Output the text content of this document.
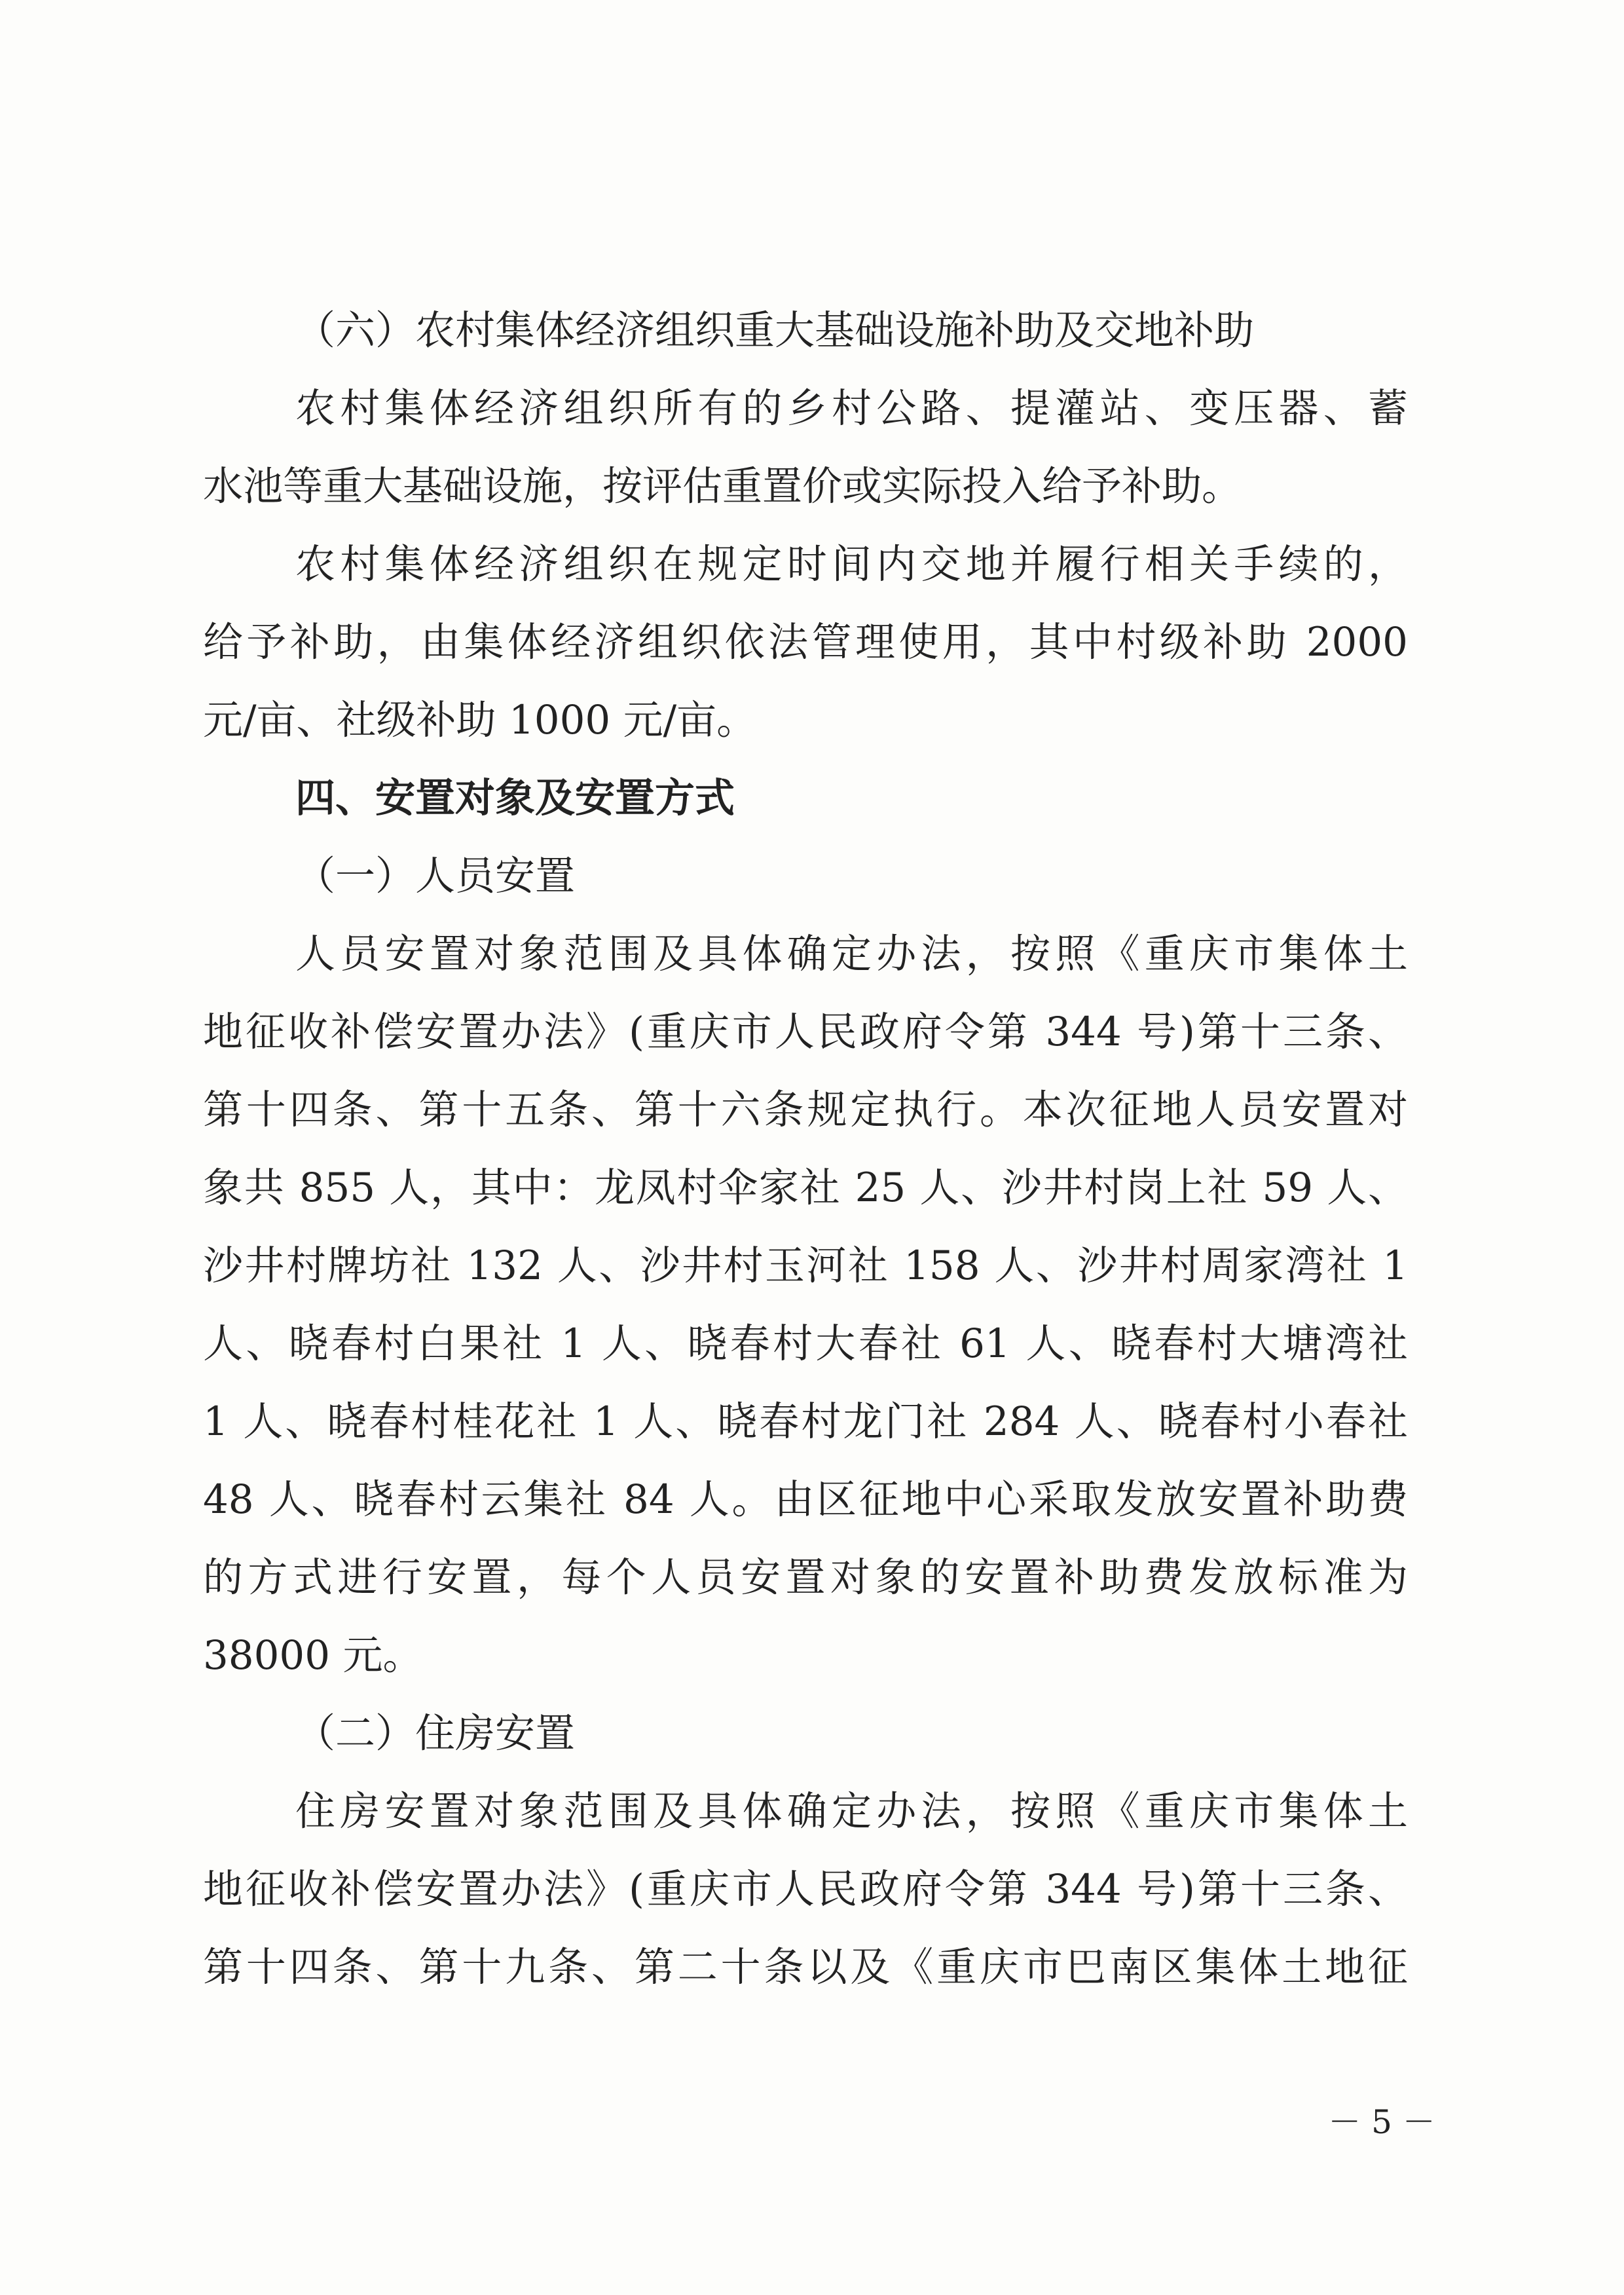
（六）农村集体经济组织重大基础设施补助及交地补助
农村集体经济组织所有的乡村公路、提灌站、变压器、蓄
水池等重大基础设施，按评估重置价或实际投入给予补助。
农村集体经济组织在规定时间内交地并履行相关手续的，
给予补助，由集体经济组织依法管理使用，其中村级补助 2000
元/亩、社级补助 1000 元/亩。
四、安置对象及安置方式
（一）人员安置
人员安置对象范围及具体确定办法，按照《重庆市集体土
地征收补偿安置办法》(重庆市人民政府令第 344 号)第十三条、
第十四条、第十五条、第十六条规定执行。本次征地人员安置对
象共 855 人，其中：龙凤村伞家社 25 人、沙井村岗上社 59 人、
沙井村牌坊社 132 人、沙井村玉河社 158 人、沙井村周家湾社 1
人、晓春村白果社 1 人、晓春村大春社 61 人、晓春村大塘湾社
1 人、晓春村桂花社 1 人、晓春村龙门社 284 人、晓春村小春社
48 人、晓春村云集社 84 人。由区征地中心采取发放安置补助费
的方式进行安置，每个人员安置对象的安置补助费发放标准为
38000 元。
（二）住房安置
住房安置对象范围及具体确定办法，按照《重庆市集体土
地征收补偿安置办法》(重庆市人民政府令第 344 号)第十三条、
第十四条、第十九条、第二十条以及《重庆市巴南区集体土地征
－ 5 －
